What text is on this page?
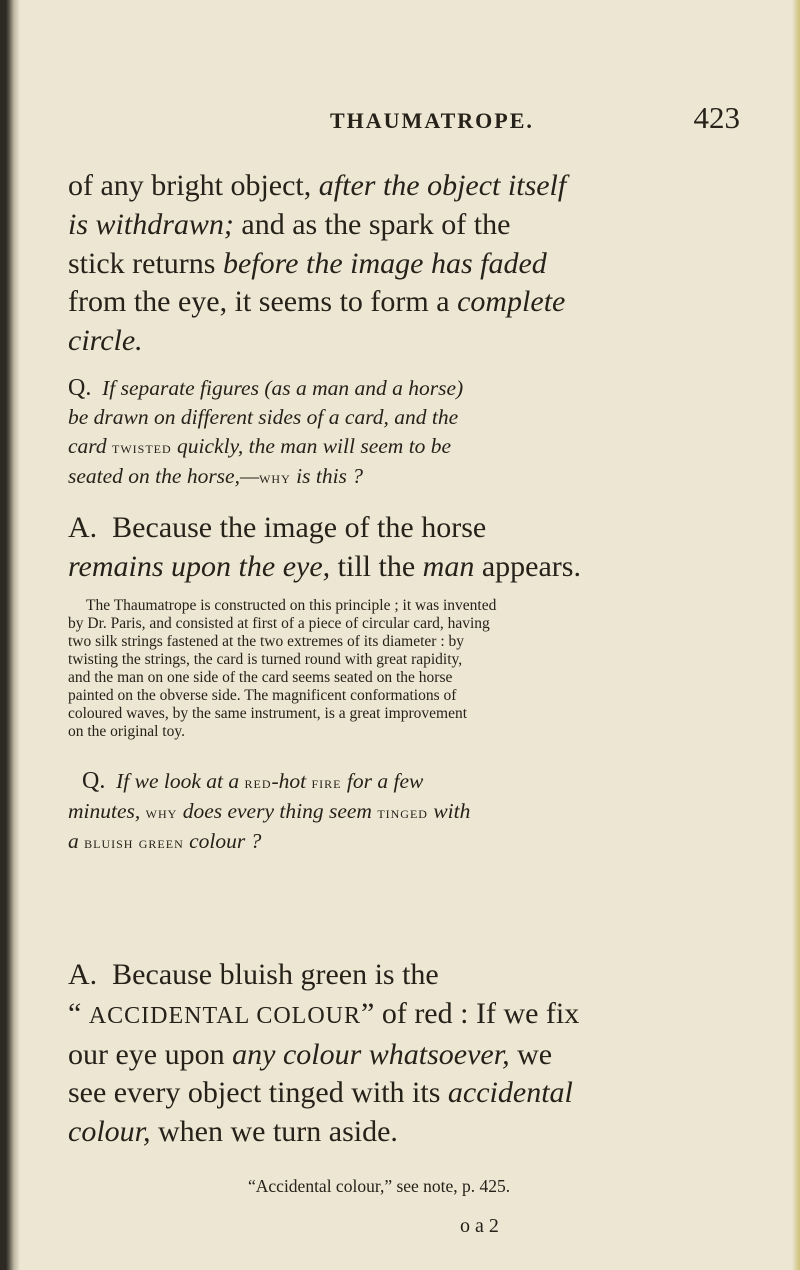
THAUMATROPE.	423

of any bright object, after the object itself
is withdrawn; and as the spark of the
stick returns before the image has faded
from the eye, it seems to form a complete
circle.

Q. If separate figures (as a man and a horse)
be drawn on different sides of a card, and the
card twisted quickly, the man will seem to be
seated on the horse,—why is this ?

A. Because the image of the horse
remains upon the eye, till the man appears.

The Thaumatrope is constructed on this principle ; it was invented
by Dr. Paris, and consisted at first of a piece of circular card, having
two silk strings fastened at the two extremes of its diameter : by
twisting the strings, the card is turned round with great rapidity,
and the man on one side of the card seems seated on the horse
painted on the obverse side. The magnificent conformations of
coloured waves, by the same instrument, is a great improvement
on the original toy.

Q. If we look at a red-hot fire for a few
minutes, why does every thing seem tinged with
a bluish green colour ?

A. Because bluish green is the
“ ACCIDENTAL COLOUR” of red : If we fix
our eye upon any colour whatsoever, we
see every object tinged with its accidental
colour, when we turn aside.

“Accidental colour,” see note, p. 425.
o a 2
